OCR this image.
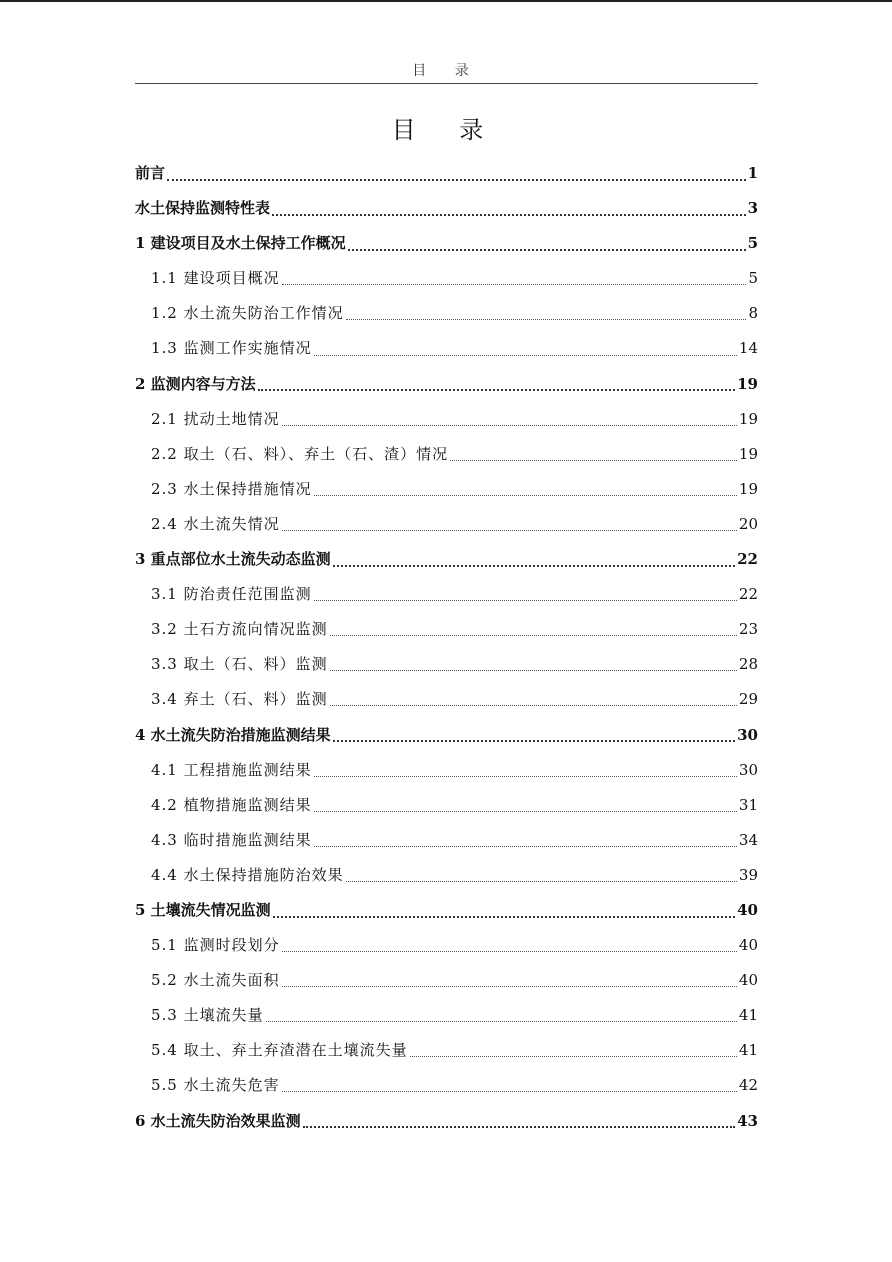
目 录
目 录
前言	1
水土保持监测特性表	3
1 建设项目及水土保持工作概况	5
1.1 建设项目概况	5
1.2 水土流失防治工作情况	8
1.3 监测工作实施情况	14
2 监测内容与方法	19
2.1 扰动土地情况	19
2.2 取土（石、料）、弃土（石、渣）情况	19
2.3 水土保持措施情况	19
2.4 水土流失情况	20
3 重点部位水土流失动态监测	22
3.1 防治责任范围监测	22
3.2 土石方流向情况监测	23
3.3 取土（石、料）监测	28
3.4 弃土（石、料）监测	29
4 水土流失防治措施监测结果	30
4.1 工程措施监测结果	30
4.2 植物措施监测结果	31
4.3 临时措施监测结果	34
4.4 水土保持措施防治效果	39
5 土壤流失情况监测	40
5.1 监测时段划分	40
5.2 水土流失面积	40
5.3 土壤流失量	41
5.4 取土、弃土弃渣潜在土壤流失量	41
5.5 水土流失危害	42
6 水土流失防治效果监测	43
